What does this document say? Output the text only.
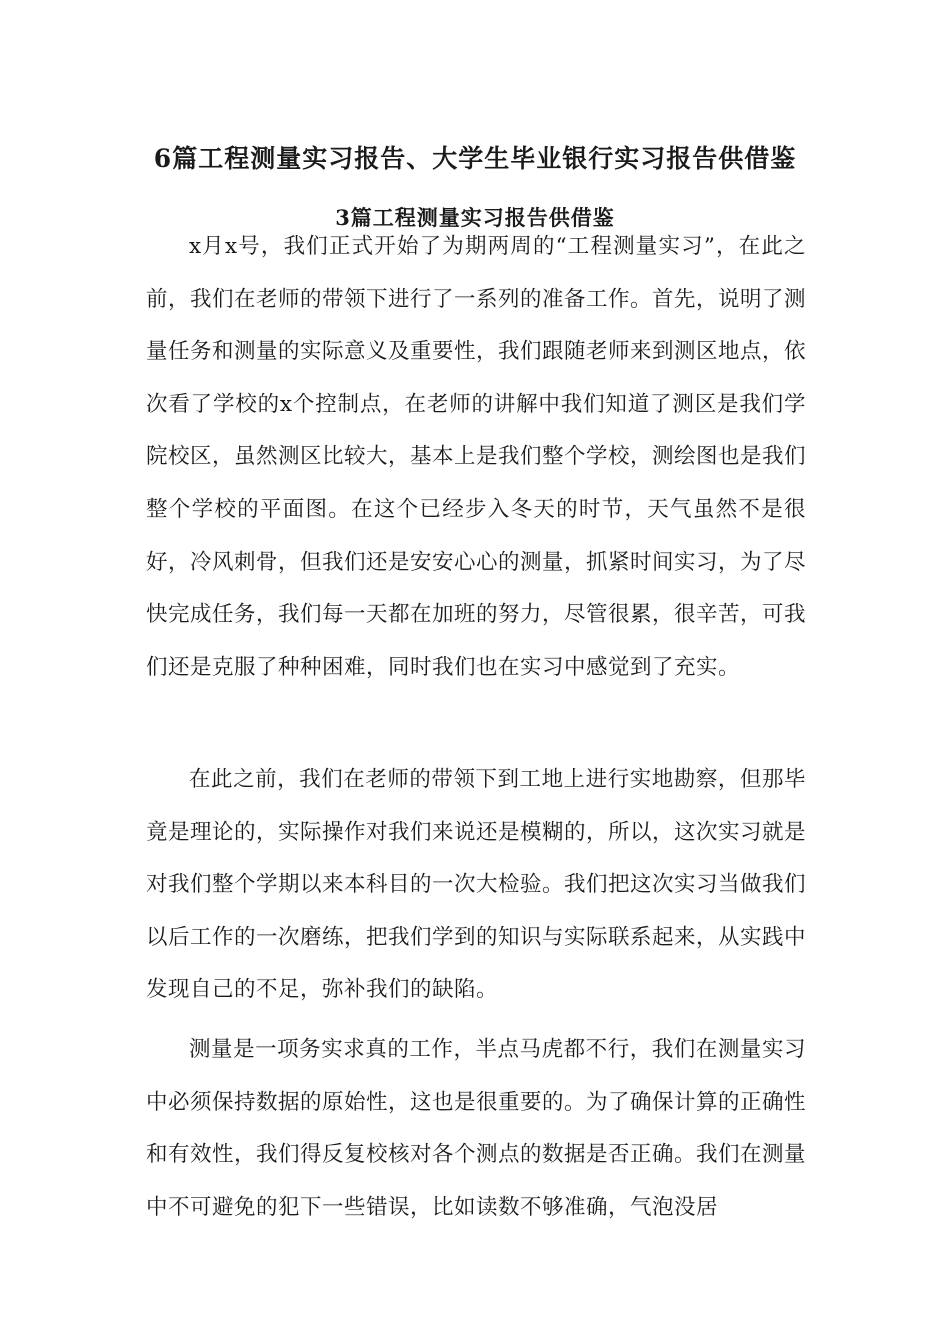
6篇工程测量实习报告、大学生毕业银行实习报告供借鉴
3篇工程测量实习报告供借鉴

x月x号，我们正式开始了为期两周的“工程测量实习”，在此之前，我们在老师的带领下进行了一系列的准备工作。首先，说明了测量任务和测量的实际意义及重要性，我们跟随老师来到测区地点，依次看了学校的x个控制点，在老师的讲解中我们知道了测区是我们学院校区，虽然测区比较大，基本上是我们整个学校，测绘图也是我们整个学校的平面图。在这个已经步入冬天的时节，天气虽然不是很好，冷风刺骨，但我们还是安安心心的测量，抓紧时间实习，为了尽快完成任务，我们每一天都在加班的努力，尽管很累，很辛苦，可我们还是克服了种种困难，同时我们也在实习中感觉到了充实。

在此之前，我们在老师的带领下到工地上进行实地勘察，但那毕竟是理论的，实际操作对我们来说还是模糊的，所以，这次实习就是对我们整个学期以来本科目的一次大检验。我们把这次实习当做我们以后工作的一次磨练，把我们学到的知识与实际联系起来，从实践中发现自己的不足，弥补我们的缺陷。

测量是一项务实求真的工作，半点马虎都不行，我们在测量实习中必须保持数据的原始性，这也是很重要的。为了确保计算的正确性和有效性，我们得反复校核对各个测点的数据是否正确。我们在测量中不可避免的犯下一些错误，比如读数不够准确，气泡没居
